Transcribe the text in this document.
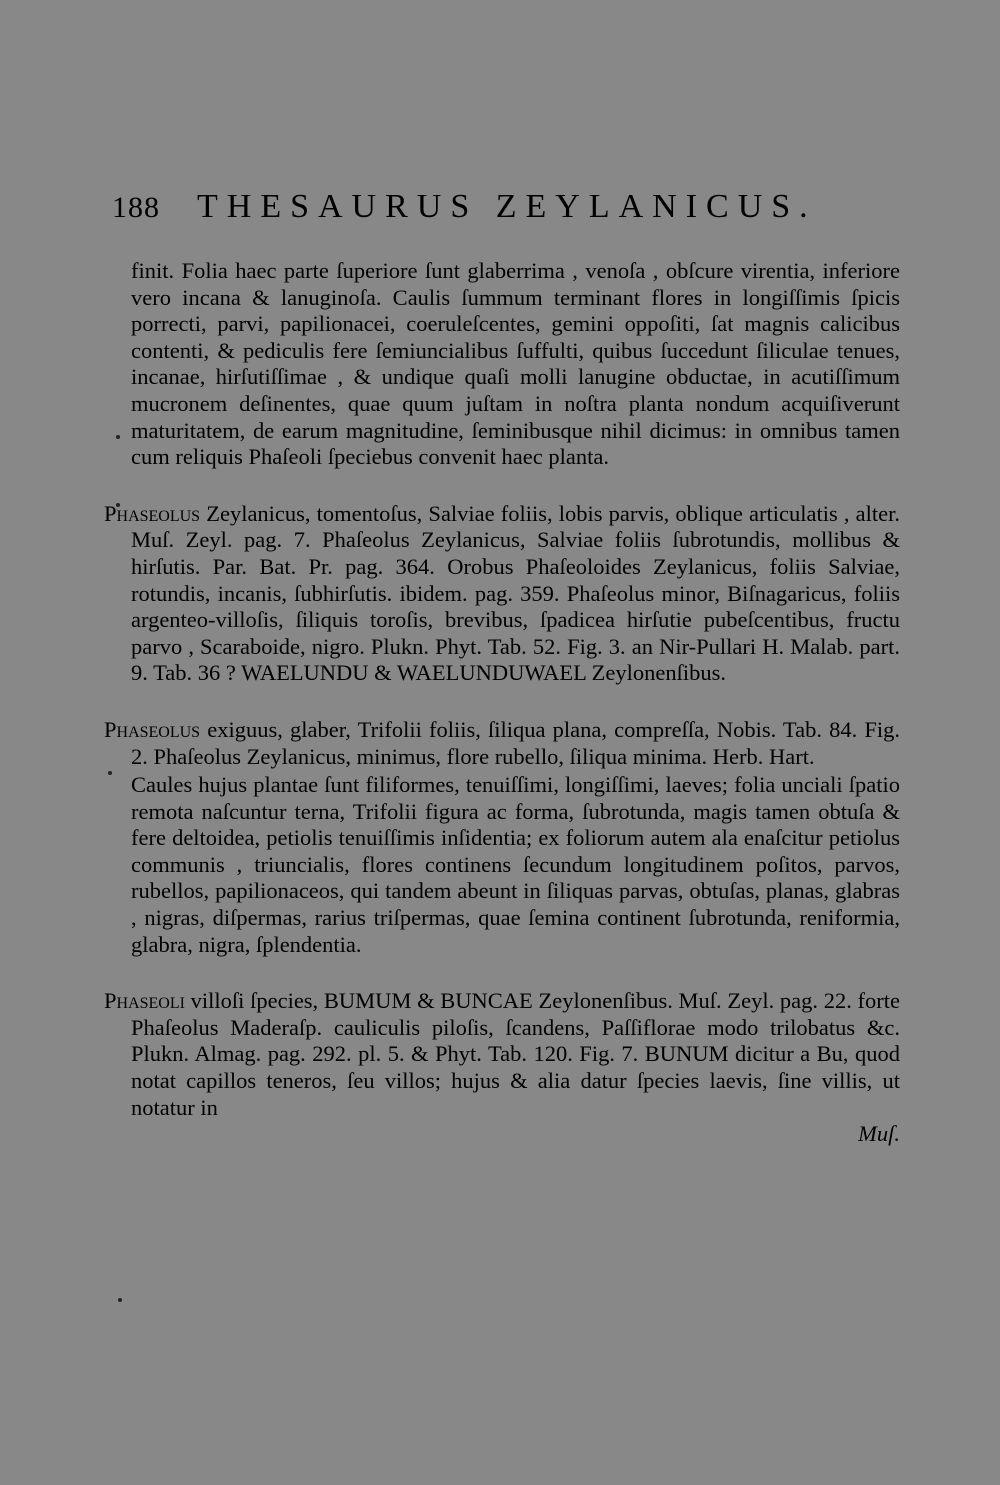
188	THESAURUS ZEYLANICUS.

finit. Folia haec parte ſuperiore ſunt glaberrima , venoſa , obſcure virentia, inferiore vero incana & lanuginoſa. Caulis ſummum terminant flores in longiſſimis ſpicis porrecti, parvi, papilionacei, coeruleſcentes, gemini oppoſiti, ſat magnis calicibus contenti, & pediculis fere ſemiuncialibus ſuffulti, quibus ſuccedunt ſiliculae tenues, incanae, hirſutiſſimae , & undique quaſi molli lanugine obductae, in acutiſſimum mucronem deſinentes, quae quum juſtam in noſtra planta nondum acquiſiverunt maturitatem, de earum magnitudine, ſeminibusque nihil dicimus: in omnibus tamen cum reliquis Phaſeoli ſpeciebus convenit haec planta.

Phaseolus Zeylanicus, tomentoſus, Salviae foliis, lobis parvis, oblique articulatis , alter. Muſ. Zeyl. pag. 7. Phaſeolus Zeylanicus, Salviae foliis ſubrotundis, mollibus & hirſutis. Par. Bat. Pr. pag. 364. Orobus Phaſeoloides Zeylanicus, foliis Salviae, rotundis, incanis, ſubhirſutis. ibidem. pag. 359. Phaſeolus minor, Biſnagaricus, foliis argenteo-villoſis, ſiliquis toroſis, brevibus, ſpadicea hirſutie pubeſcentibus, fructu parvo , Scaraboide, nigro. Plukn. Phyt. Tab. 52. Fig. 3. an Nir-Pullari H. Malab. part. 9. Tab. 36 ? WAELUNDU & WAELUNDUWAEL Zeylonenſibus.

Phaseolus exiguus, glaber, Trifolii foliis, ſiliqua plana, compreſſa, Nobis. Tab. 84. Fig. 2. Phaſeolus Zeylanicus, minimus, flore rubello, ſiliqua minima. Herb. Hart.

Caules hujus plantae ſunt filiformes, tenuiſſimi, longiſſimi, laeves; folia unciali ſpatio remota naſcuntur terna, Trifolii figura ac forma, ſubrotunda, magis tamen obtuſa & fere deltoidea, petiolis tenuiſſimis inſidentia; ex foliorum autem ala enaſcitur petiolus communis , triuncialis, flores continens ſecundum longitudinem poſitos, parvos, rubellos, papilionaceos, qui tandem abeunt in ſiliquas parvas, obtuſas, planas, glabras , nigras, diſpermas, rarius triſpermas, quae ſemina continent ſubrotunda, reniformia, glabra, nigra, ſplendentia.

Phaseoli villoſi ſpecies, BUMUM & BUNCAE Zeylonenſibus. Muſ. Zeyl. pag. 22. forte Phaſeolus Maderaſp. cauliculis piloſis, ſcandens, Paſſiflorae modo trilobatus &c. Plukn. Almag. pag. 292. pl. 5. & Phyt. Tab. 120. Fig. 7. BUNUM dicitur a Bu, quod notat capillos teneros, ſeu villos; hujus & alia datur ſpecies laevis, ſine villis, ut notatur in

Muſ.
